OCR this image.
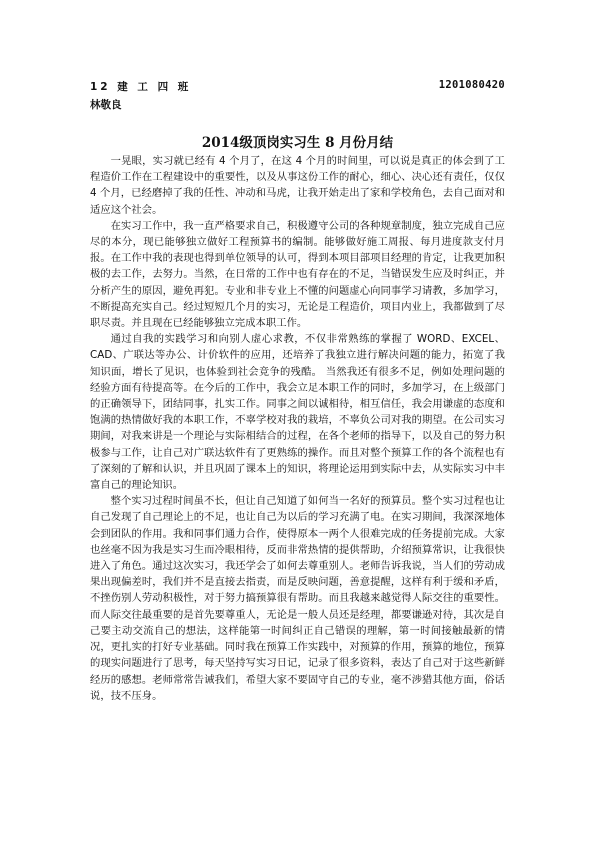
12 建 工 四 班	1201080420
林敬良
2014级顶岗实习生 8 月份月结

一晃眼，实习就已经有 4 个月了，在这 4 个月的时间里，可以说是真正的体会到了工程造价工作在工程建设中的重要性，以及从事这份工作的耐心，细心、决心还有责任，仅仅 4 个月，已经磨掉了我的任性、冲动和马虎，让我开始走出了家和学校角色，去自己面对和适应这个社会。

在实习工作中，我一直严格要求自己，积极遵守公司的各种规章制度，独立完成自己应尽的本分，现已能够独立做好工程预算书的编制。能够做好施工周报、每月进度款支付月报。在工作中我的表现也得到单位领导的认可，得到本项目部项目经理的肯定，让我更加积极的去工作，去努力。当然，在日常的工作中也有存在的不足，当错误发生应及时纠正，并分析产生的原因，避免再犯。专业和非专业上不懂的问题虚心向同事学习请教，多加学习，不断提高充实自己。经过短短几个月的实习，无论是工程造价，项目内业上，我都做到了尽职尽责。并且现在已经能够独立完成本职工作。

通过自我的实践学习和向别人虚心求教，不仅非常熟练的掌握了 WORD、EXCEL、CAD、广联达等办公、计价软件的应用，还培养了我独立进行解决问题的能力，拓宽了我知识面，增长了见识，也体验到社会竞争的残酷。 当然我还有很多不足，例如处理问题的经验方面有待提高等。在今后的工作中，我会立足本职工作的同时，多加学习，在上级部门的正确领导下，团结同事，扎实工作。同事之间以诚相待，相互信任，我会用谦虚的态度和饱满的热情做好我的本职工作，不辜学校对我的栽培，不辜负公司对我的期望。在公司实习期间，对我来讲是一个理论与实际相结合的过程，在各个老师的指导下，以及自己的努力积极参与工作，让自己对广联达软件有了更熟练的操作。而且对整个预算工作的各个流程也有了深刻的了解和认识，并且巩固了课本上的知识，将理论运用到实际中去，从实际实习中丰富自己的理论知识。

整个实习过程时间虽不长，但让自己知道了如何当一名好的预算员。整个实习过程也让自己发现了自己理论上的不足，也让自己为以后的学习充满了电。在实习期间，我深深地体会到团队的作用。我和同事们通力合作，使得原本一两个人很难完成的任务提前完成。大家也丝毫不因为我是实习生而冷眼相待，反而非常热情的提供帮助，介绍预算常识，让我很快进入了角色。通过这次实习，我还学会了如何去尊重别人。老师告诉我说，当人们的劳动成果出现偏差时，我们并不是直接去指责，而是反映问题，善意提醒，这样有利于缓和矛盾，不挫伤别人劳动积极性，对于努力搞预算很有帮助。而且我越来越觉得人际交往的重要性。而人际交往最重要的是首先要尊重人，无论是一般人员还是经理，都要谦逊对待，其次是自己要主动交流自己的想法，这样能第一时间纠正自己错误的理解，第一时间接触最新的情况，更扎实的打好专业基础。同时我在预算工作实践中，对预算的作用，预算的地位，预算的现实问题进行了思考，每天坚持写实习日记，记录了很多资料，表达了自己对于这些新鲜经历的感想。老师常常告诫我们，希望大家不要固守自己的专业，毫不涉猎其他方面，俗话说，技不压身。
